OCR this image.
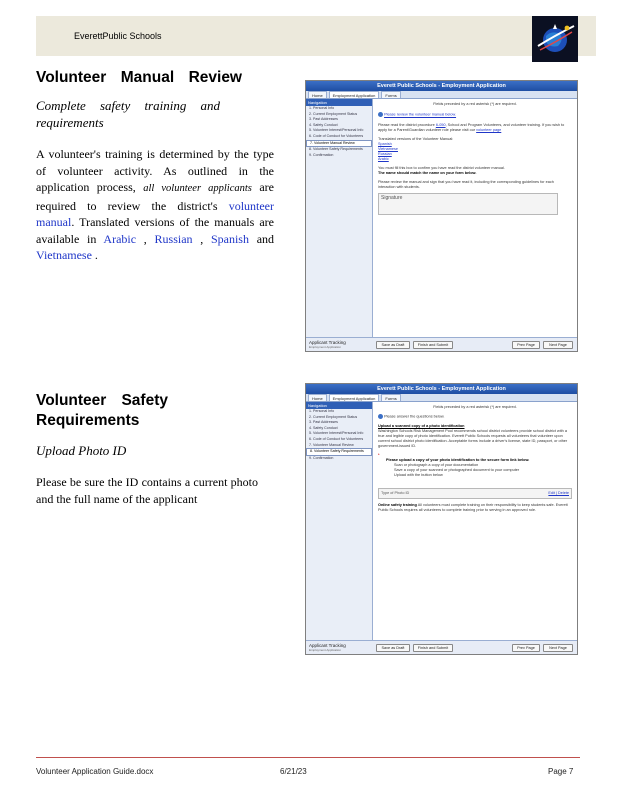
EverettPublic Schools
Volunteer Manual Review
Complete safety training and requirements
A volunteer's training is determined by the type of volunteer activity. As outlined in the application process, all volunteer applicants are required to review the district's volunteer manual. Translated versions of the manuals are available in Arabic , Russian , Spanish and Vietnamese .
Everett Public Schools - Employment Application
Home	Employment Application	Forms
Navigation
1. Personal Info
2. Current Employment Status
3. Past Addresses
4. Safety Conduct
5. Volunteer Interest/Personal Info
6. Code of Conduct for Volunteers
7. Volunteer Manual Review
8. Volunteer Safety Requirements
9. Confirmation
Fields preceded by a red asterisk (*) are required.
Please review the volunteer manual below.
Please read the district procedure 6-050, School and Program Volunteers, and volunteer training. If you wish to apply for a Parent/Guardian volunteer role please visit our volunteer page
Translated versions of the Volunteer Manual:
Spanish
Vietnamese
Russian
Arabic
You must fill this box to confirm you have read the district volunteer manual.
The name should match the name on your form below.
Please review the manual and sign that you have read it, including the corresponding guidelines for each interaction with students.
Signature
Applicant Tracking
Employment Application	Save as Draft	Finish and Submit	Prev Page	Next Page
Volunteer Safety Requirements
Upload Photo ID
Please be sure the ID contains a current photo and the full name of the applicant
Everett Public Schools - Employment Application
Home	Employment Application	Forms
Navigation
1. Personal Info
2. Current Employment Status
3. Past Addresses
4. Safety Conduct
5. Volunteer Interest/Personal Info
6. Code of Conduct for Volunteers
7. Volunteer Manual Review
8. Volunteer Safety Requirements
9. Confirmation
Fields preceded by a red asterisk (*) are required.
Please answer the questions below.
Upload a scanned copy of a photo identification
Washington Schools Risk Management Pool recommends school district volunteers provide school district with a true and legible copy of photo identification. Everett Public Schools requests all volunteers that volunteer upon current school district photo identification. Acceptable forms include a driver's license, state ID, passport, or other government-issued ID.
*
Please upload a copy of your photo identification to the secure form link below.
Scan or photograph a copy of your documentation
Save a copy of your scanned or photographed document to your computer
Upload with the button below
Type of Photo ID	Edit | Delete
Online safety training All volunteers must complete training on their responsibility to keep students safe. Everett Public Schools requires all volunteers to complete training prior to serving in an approved role.
Applicant Tracking
Employment Application	Save as Draft	Finish and Submit	Prev Page	Next Page
Volunteer Application Guide.docx	6/21/23	Page 7
